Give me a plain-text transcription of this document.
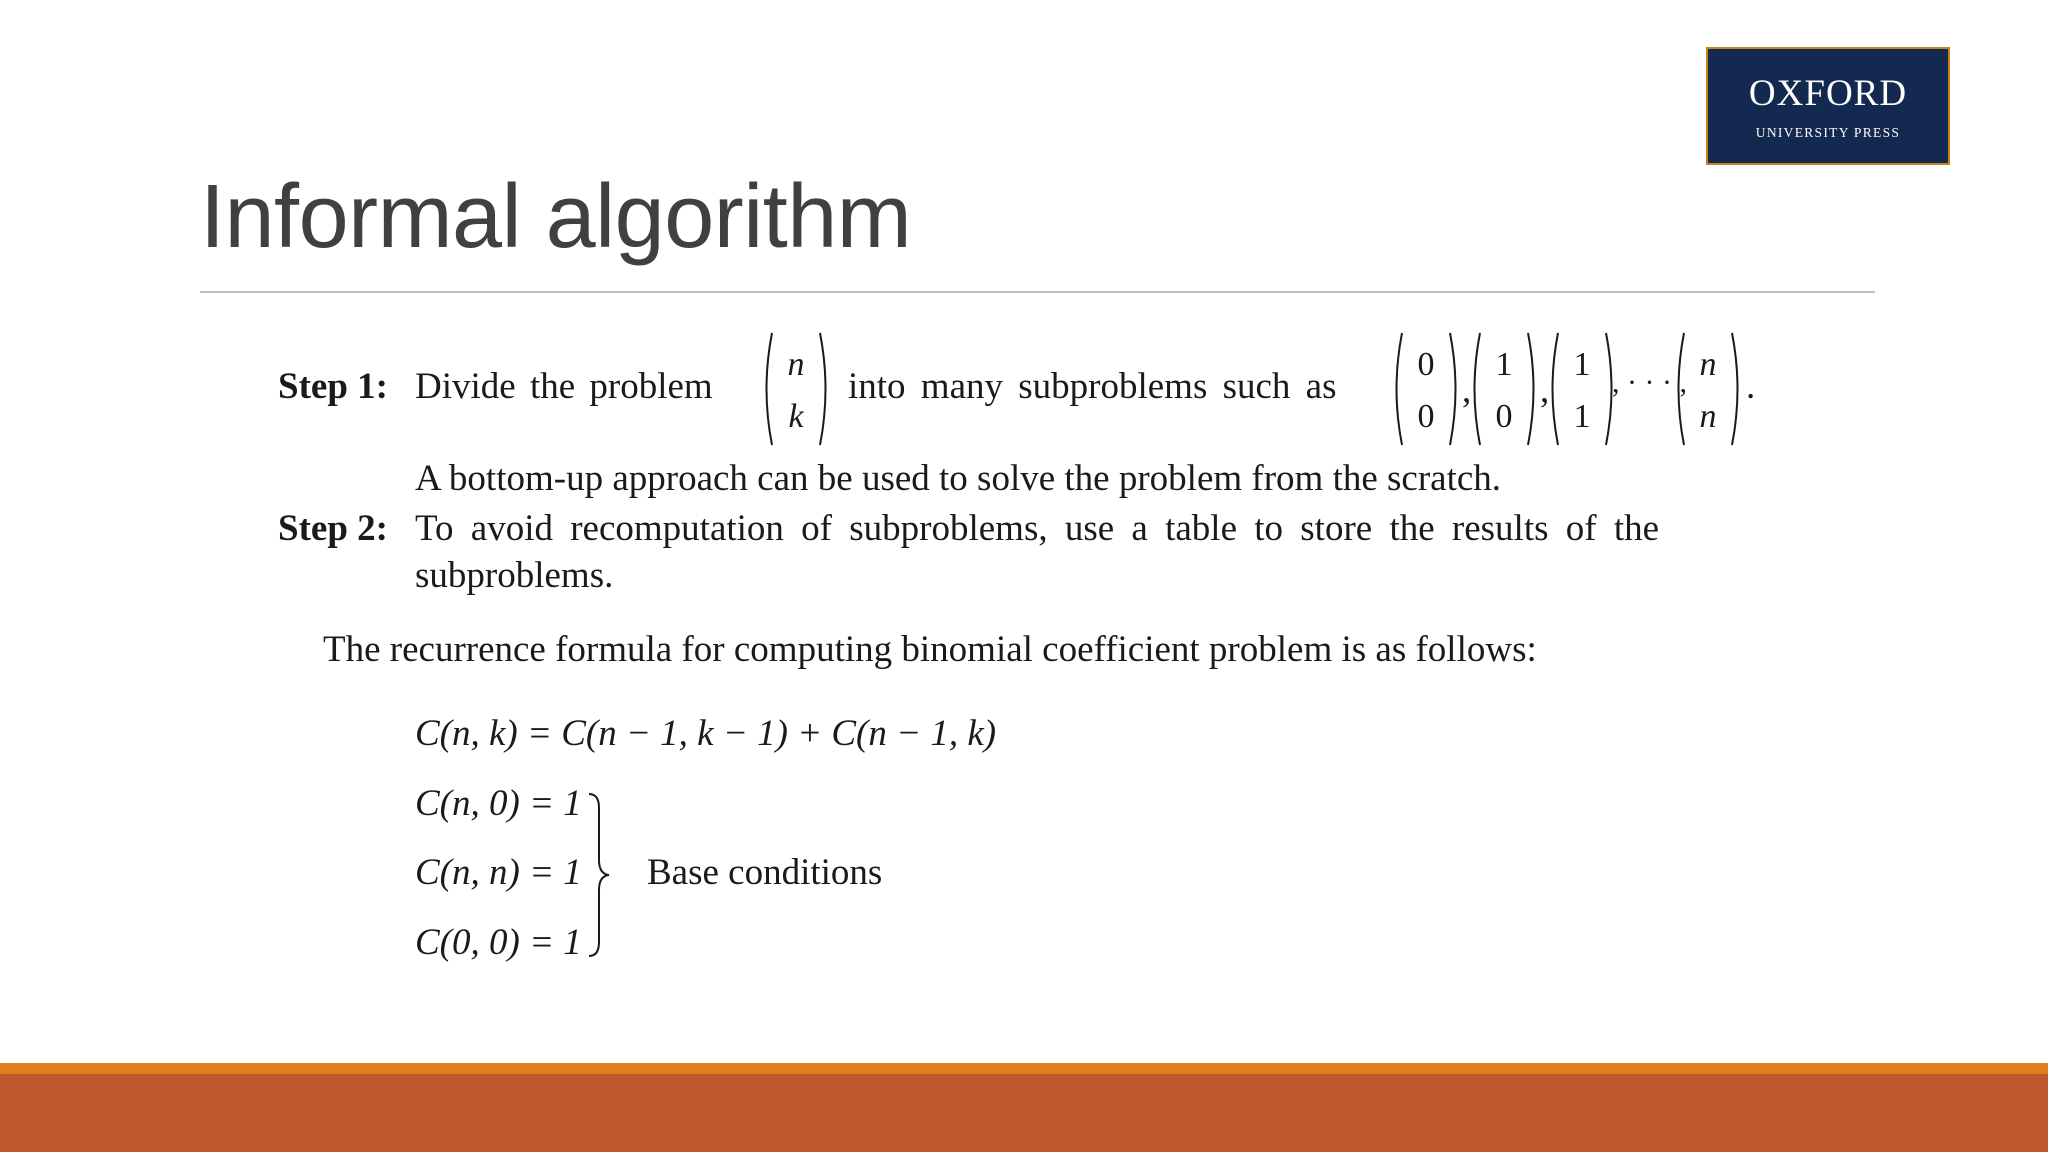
OXFORD
UNIVERSITY PRESS
Informal algorithm
Step 1: Divide the problem
n
k
into many subproblems such as
0
0
,
1
0
,
1
1
, · · · , n
n
.
A bottom-up approach can be used to solve the problem from the scratch.
Step 2: To avoid recomputation of subproblems, use a table to store the results of the
subproblems.
The recurrence formula for computing binomial coefficient problem is as follows:
C(n, k) = C(n − 1, k − 1) + C(n − 1, k)
C(n, 0) = 1
C(n, n) = 1
C(0, 0) = 1
Base conditions
